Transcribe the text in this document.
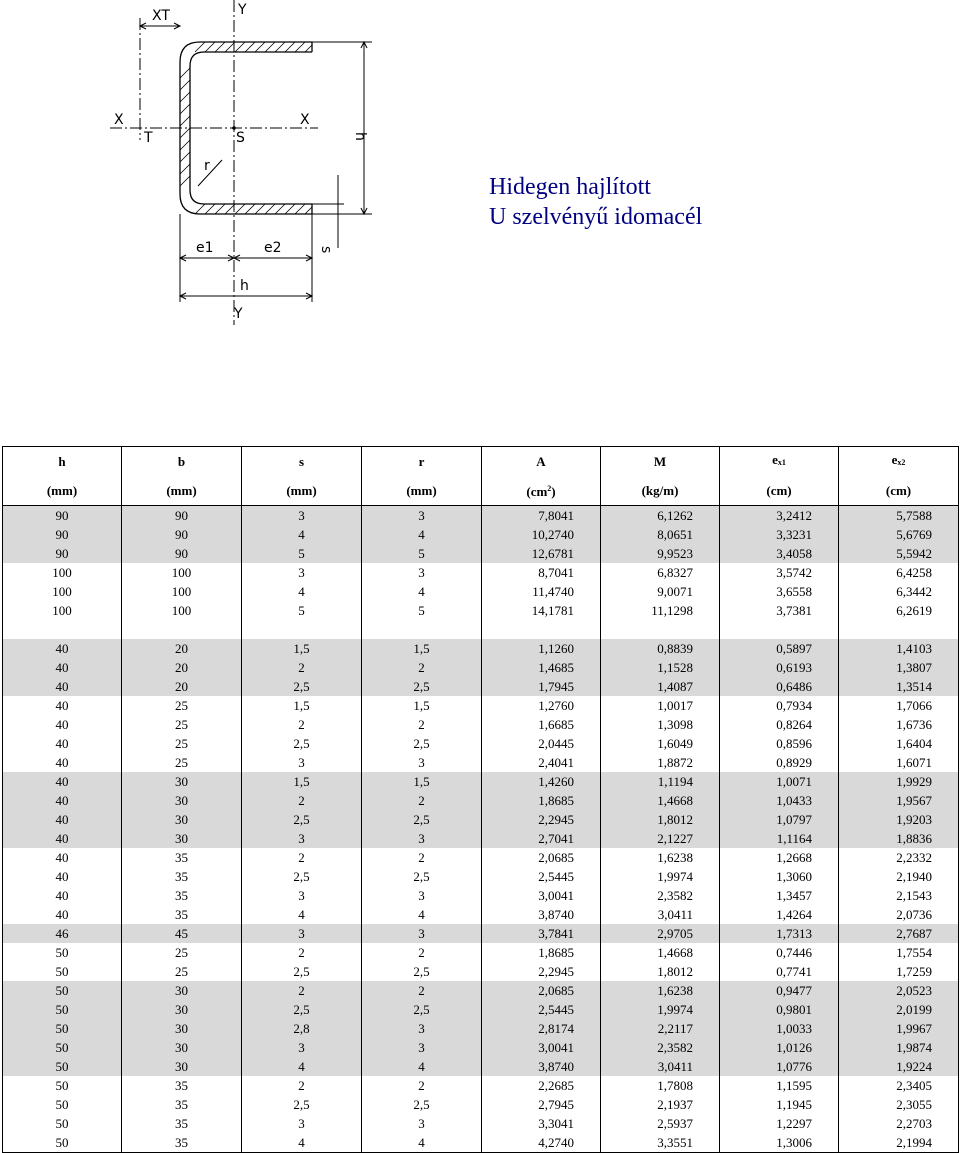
XT	Y
X	X
T	S
r
h
s
e1	e2
h
Y
Hidegen hajlított
U szelvényű idomacél
h	b	s	r	A	M	$e_{x1}$	$e_{x2}$
(mm)	(mm)	(mm)	(mm)	$(cm^2)$	(kg/m)	(cm)	(cm)
90	90	3	3	7,8041	6,1262	3,2412	5,7588
90	90	4	4	10,2740	8,0651	3,3231	5,6769
90	90	5	5	12,6781	9,9523	3,4058	5,5942
100	100	3	3	8,7041	6,8327	3,5742	6,4258
100	100	4	4	11,4740	9,0071	3,6558	6,3442
100	100	5	5	14,1781	11,1298	3,7381	6,2619

40	20	1,5	1,5	1,1260	0,8839	0,5897	1,4103
40	20	2	2	1,4685	1,1528	0,6193	1,3807
40	20	2,5	2,5	1,7945	1,4087	0,6486	1,3514
40	25	1,5	1,5	1,2760	1,0017	0,7934	1,7066
40	25	2	2	1,6685	1,3098	0,8264	1,6736
40	25	2,5	2,5	2,0445	1,6049	0,8596	1,6404
40	25	3	3	2,4041	1,8872	0,8929	1,6071
40	30	1,5	1,5	1,4260	1,1194	1,0071	1,9929
40	30	2	2	1,8685	1,4668	1,0433	1,9567
40	30	2,5	2,5	2,2945	1,8012	1,0797	1,9203
40	30	3	3	2,7041	2,1227	1,1164	1,8836
40	35	2	2	2,0685	1,6238	1,2668	2,2332
40	35	2,5	2,5	2,5445	1,9974	1,3060	2,1940
40	35	3	3	3,0041	2,3582	1,3457	2,1543
40	35	4	4	3,8740	3,0411	1,4264	2,0736
46	45	3	3	3,7841	2,9705	1,7313	2,7687
50	25	2	2	1,8685	1,4668	0,7446	1,7554
50	25	2,5	2,5	2,2945	1,8012	0,7741	1,7259
50	30	2	2	2,0685	1,6238	0,9477	2,0523
50	30	2,5	2,5	2,5445	1,9974	0,9801	2,0199
50	30	2,8	3	2,8174	2,2117	1,0033	1,9967
50	30	3	3	3,0041	2,3582	1,0126	1,9874
50	30	4	4	3,8740	3,0411	1,0776	1,9224
50	35	2	2	2,2685	1,7808	1,1595	2,3405
50	35	2,5	2,5	2,7945	2,1937	1,1945	2,3055
50	35	3	3	3,3041	2,5937	1,2297	2,2703
50	35	4	4	4,2740	3,3551	1,3006	2,1994
